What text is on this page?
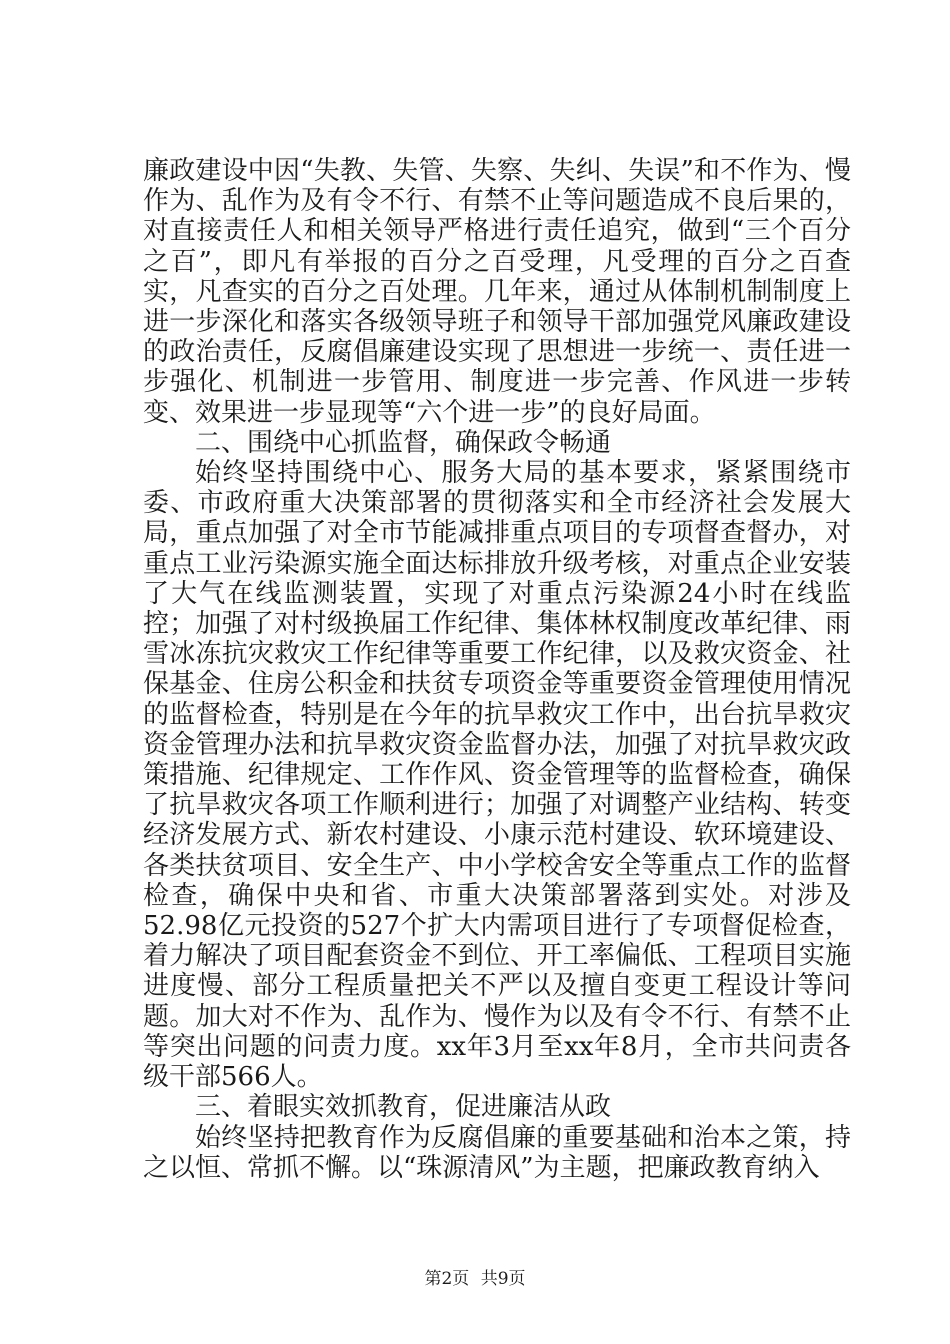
廉政建设中因“失教、失管、失察、失纠、失误”和不作为、慢作为、乱作为及有令不行、有禁不止等问题造成不良后果的，对直接责任人和相关领导严格进行责任追究，做到“三个百分之百”，即凡有举报的百分之百受理，凡受理的百分之百查实，凡查实的百分之百处理。几年来，通过从体制机制制度上进一步深化和落实各级领导班子和领导干部加强党风廉政建设的政治责任，反腐倡廉建设实现了思想进一步统一、责任进一步强化、机制进一步管用、制度进一步完善、作风进一步转变、效果进一步显现等“六个进一步”的良好局面。

二、围绕中心抓监督，确保政令畅通

始终坚持围绕中心、服务大局的基本要求，紧紧围绕市委、市政府重大决策部署的贯彻落实和全市经济社会发展大局，重点加强了对全市节能减排重点项目的专项督查督办，对重点工业污染源实施全面达标排放升级考核，对重点企业安装了大气在线监测装置，实现了对重点污染源24小时在线监控；加强了对村级换届工作纪律、集体林权制度改革纪律、雨雪冰冻抗灾救灾工作纪律等重要工作纪律，以及救灾资金、社保基金、住房公积金和扶贫专项资金等重要资金管理使用情况的监督检查，特别是在今年的抗旱救灾工作中，出台抗旱救灾资金管理办法和抗旱救灾资金监督办法，加强了对抗旱救灾政策措施、纪律规定、工作作风、资金管理等的监督检查，确保了抗旱救灾各项工作顺利进行；加强了对调整产业结构、转变经济发展方式、新农村建设、小康示范村建设、软环境建设、各类扶贫项目、安全生产、中小学校舍安全等重点工作的监督检查，确保中央和省、市重大决策部署落到实处。对涉及52.98亿元投资的527个扩大内需项目进行了专项督促检查，着力解决了项目配套资金不到位、开工率偏低、工程项目实施进度慢、部分工程质量把关不严以及擅自变更工程设计等问题。加大对不作为、乱作为、慢作为以及有令不行、有禁不止等突出问题的问责力度。xx年3月至xx年8月，全市共问责各级干部566人。

三、着眼实效抓教育，促进廉洁从政

始终坚持把教育作为反腐倡廉的重要基础和治本之策，持之以恒、常抓不懈。以“珠源清风”为主题，把廉政教育纳入

第2页 共9页
